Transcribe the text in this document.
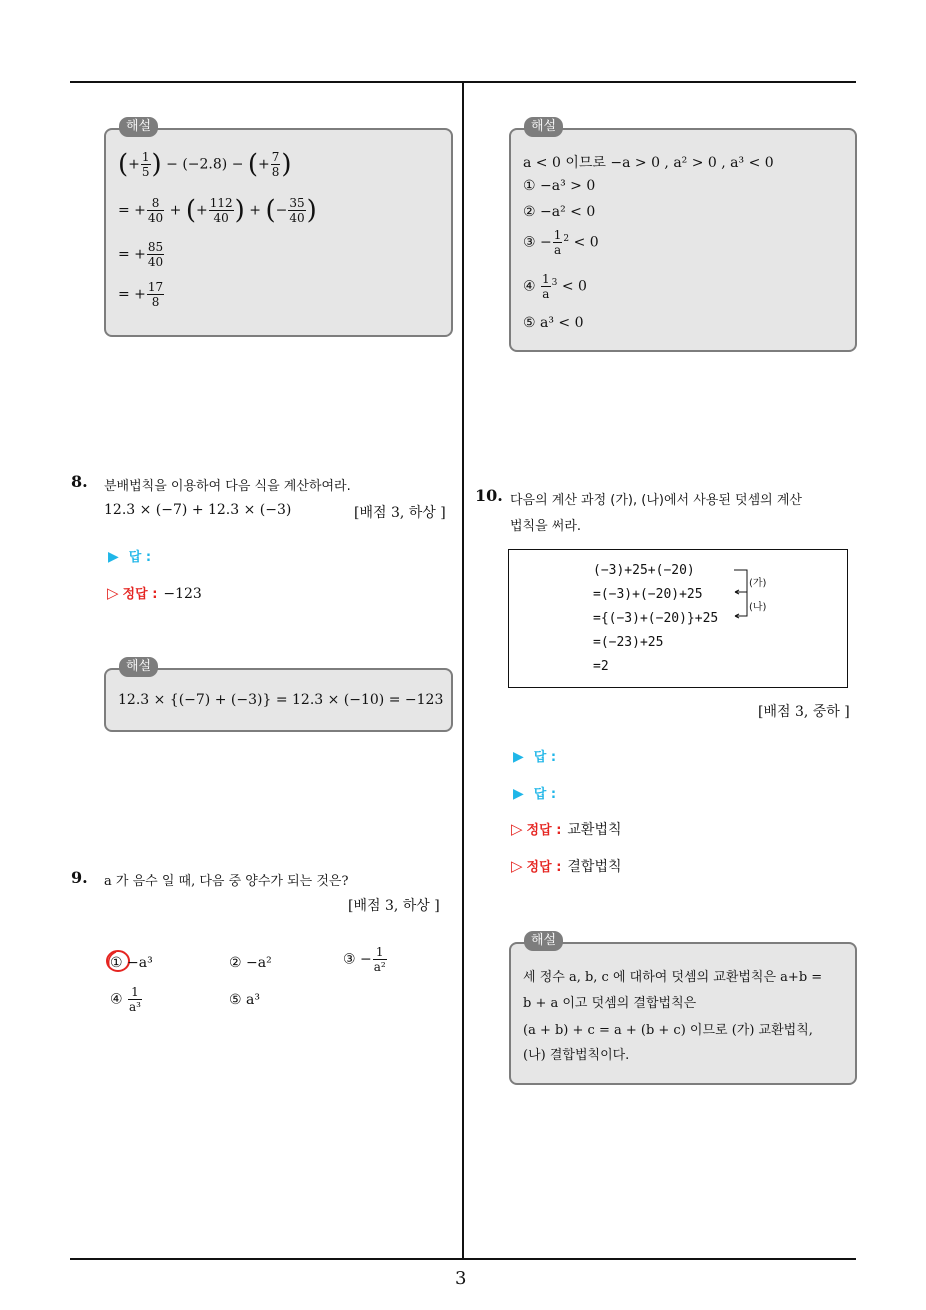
3
(+ $\frac{1}{5}$ ) − (−2.8) − (+ $\frac{7}{8}$ )
= + $\frac{8}{40}$ + (+ $\frac{112}{40}$ ) + (− $\frac{35}{40}$ )
= + $\frac{85}{40}$
= + $\frac{17}{8}$
해설
8. 분배법칙을 이용하여 다음 식을 계산하여라.
12.3 × (−7) + 12.3 × (−3)	[배점 3, 하상 ]
▶ 답 :
▷ 정답 : −123
12.3 × {(−7) + (−3)} = 12.3 × (−10) = −123
해설
9. a 가 음수 일 때, 다음 중 양수가 되는 것은?
[배점 3, 하상 ]
① −a³	② −a²	③ − $\frac{1}{\text{a²}}$
④ $\frac{1}{\text{a³}}$	⑤ a³
a < 0 이므로 −a > 0 , a² > 0 , a³ < 0
① −a³ > 0
② −a² < 0
③ − $\frac{1}{a} ^2 < 0$
④ $\frac{1}{a} ^3 < 0$
⑤ a³ < 0
해설
10. 다음의 계산 과정 (가), (나)에서 사용된 덧셈의 계산
법칙을 써라.
(−3)+25+(−20)
=(−3)+(−20)+25
={(−3)+(−20)}+25
=(−23)+25
=2
(가)
(나)
[배점 3, 중하 ]
▶ 답 :
▶ 답 :
▷ 정답 : 교환법칙
▷ 정답 : 결합법칙
세 정수 a, b, c 에 대하여 덧셈의 교환법칙은 a+b =
b + a 이고 덧셈의 결합법칙은
(a + b) + c = a + (b + c) 이므로 (가) 교환법칙,
(나) 결합법칙이다.
해설
